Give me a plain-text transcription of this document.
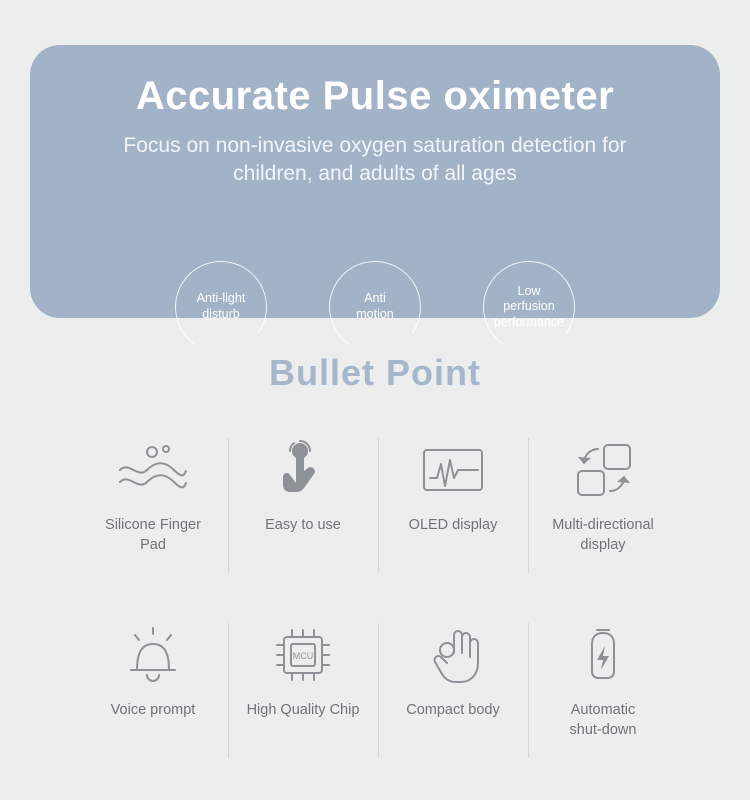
Accurate Pulse oximeter

Focus on non-invasive oxygen saturation detection for children, and adults of all ages

Anti-light
disturb
Anti
motion
Low
perfusion
performance
Bullet Point
Silicone Finger
Pad
Easy to use	OLED display	Multi-directional
display
Voice prompt
MCU
High Quality Chip	Compact body	Automatic
shut-down
